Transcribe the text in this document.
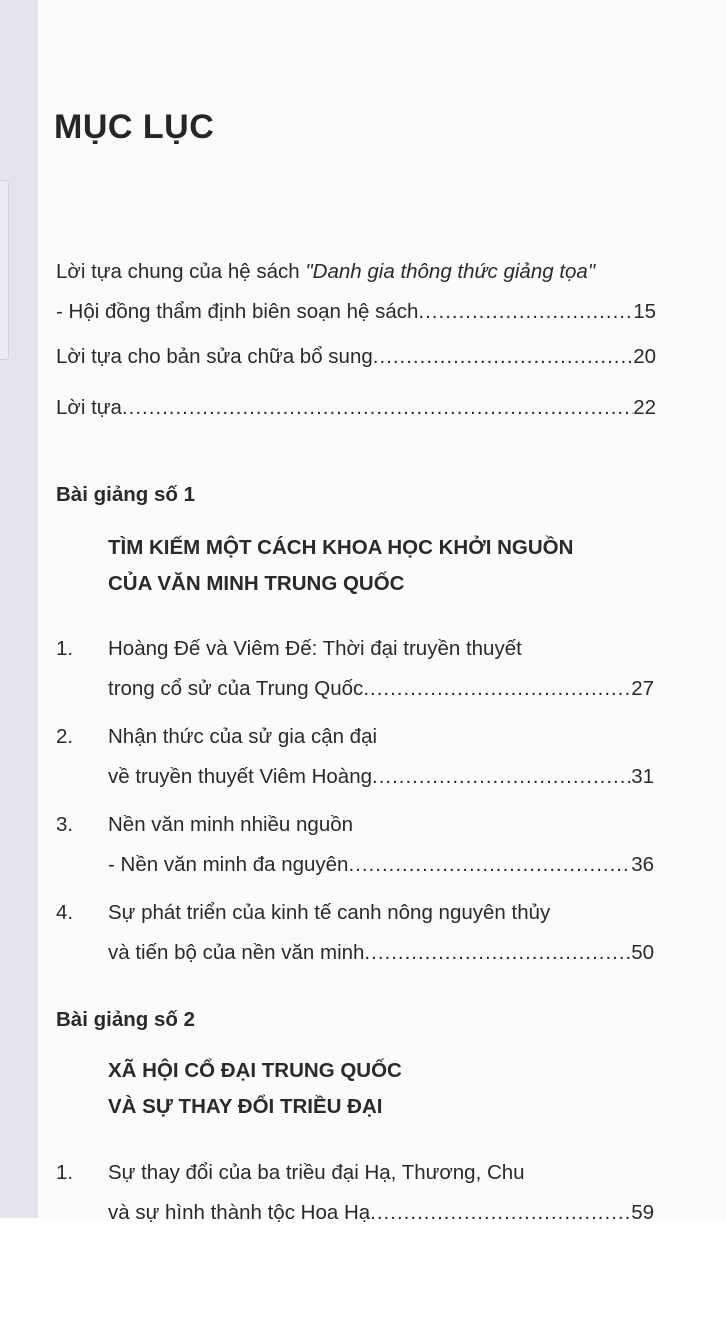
MỤC LỤC
Lời tựa chung của hệ sách "Danh gia thông thức giảng tọa"
- Hội đồng thẩm định biên soạn hệ sách .....	15
Lời tựa cho bản sửa chữa bổ sung .....	20
Lời tựa .....	22
Bài giảng số 1
TÌM KIẾM MỘT CÁCH KHOA HỌC KHỞI NGUỒN
CỦA VĂN MINH TRUNG QUỐC
1. Hoàng Đế và Viêm Đế: Thời đại truyền thuyết
trong cổ sử của Trung Quốc .....	27
2. Nhận thức của sử gia cận đại
về truyền thuyết Viêm Hoàng .....	31
3. Nền văn minh nhiều nguồn
- Nền văn minh đa nguyên .....	36
4. Sự phát triển của kinh tế canh nông nguyên thủy
và tiến bộ của nền văn minh .....	50
Bài giảng số 2
XÃ HỘI CỔ ĐẠI TRUNG QUỐC
VÀ SỰ THAY ĐỔI TRIỀU ĐẠI
1. Sự thay đổi của ba triều đại Hạ, Thương, Chu
và sự hình thành tộc Hoa Hạ .....	59
